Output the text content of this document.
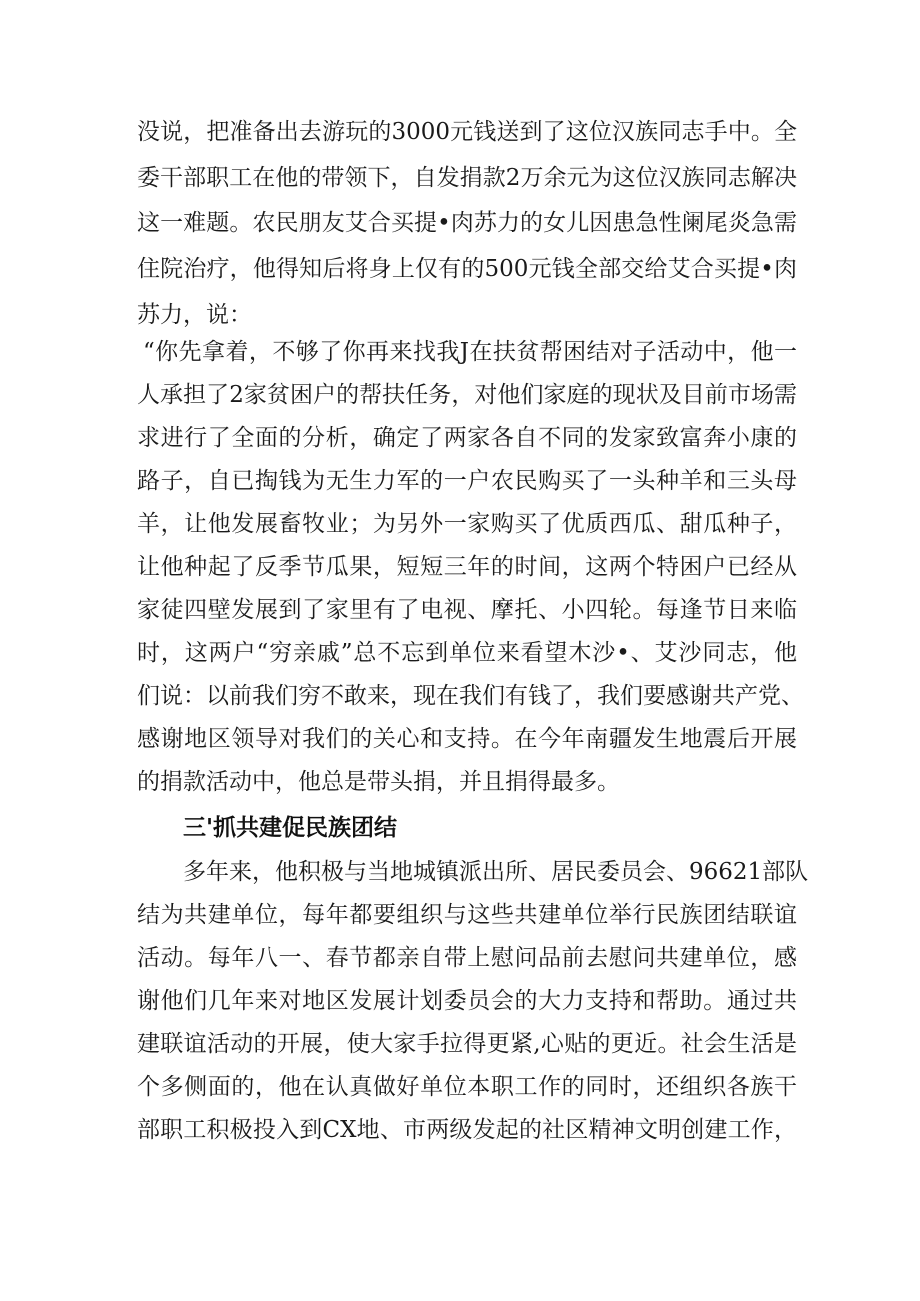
没说，把准备出去游玩的3000元钱送到了这位汉族同志手中。全
委干部职工在他的带领下，自发捐款2万余元为这位汉族同志解决
这一难题。农民朋友艾合买提•肉苏力的女儿因患急性阑尾炎急需
住院治疗，他得知后将身上仅有的500元钱全部交给艾合买提•肉
苏力，说：
“你先拿着，不够了你再来找我J在扶贫帮困结对子活动中，他一
人承担了2家贫困户的帮扶任务，对他们家庭的现状及目前市场需
求进行了全面的分析，确定了两家各自不同的发家致富奔小康的
路子，自已掏钱为无生力军的一户农民购买了一头种羊和三头母
羊，让他发展畜牧业；为另外一家购买了优质西瓜、甜瓜种子，
让他种起了反季节瓜果，短短三年的时间，这两个特困户已经从
家徒四壁发展到了家里有了电视、摩托、小四轮。每逢节日来临
时，这两户“穷亲戚”总不忘到单位来看望木沙•、艾沙同志，他
们说：以前我们穷不敢来，现在我们有钱了，我们要感谢共产党、
感谢地区领导对我们的关心和支持。在今年南疆发生地震后开展
的捐款活动中，他总是带头捐，并且捐得最多。
三'抓共建促民族团结
多年来，他积极与当地城镇派出所、居民委员会、96621部队
结为共建单位，每年都要组织与这些共建单位举行民族团结联谊
活动。每年八一、春节都亲自带上慰问品前去慰问共建单位，感
谢他们几年来对地区发展计划委员会的大力支持和帮助。通过共
建联谊活动的开展，使大家手拉得更紧,心贴的更近。社会生活是
个多侧面的，他在认真做好单位本职工作的同时，还组织各族干
部职工积极投入到CX地、市两级发起的社区精神文明创建工作，
